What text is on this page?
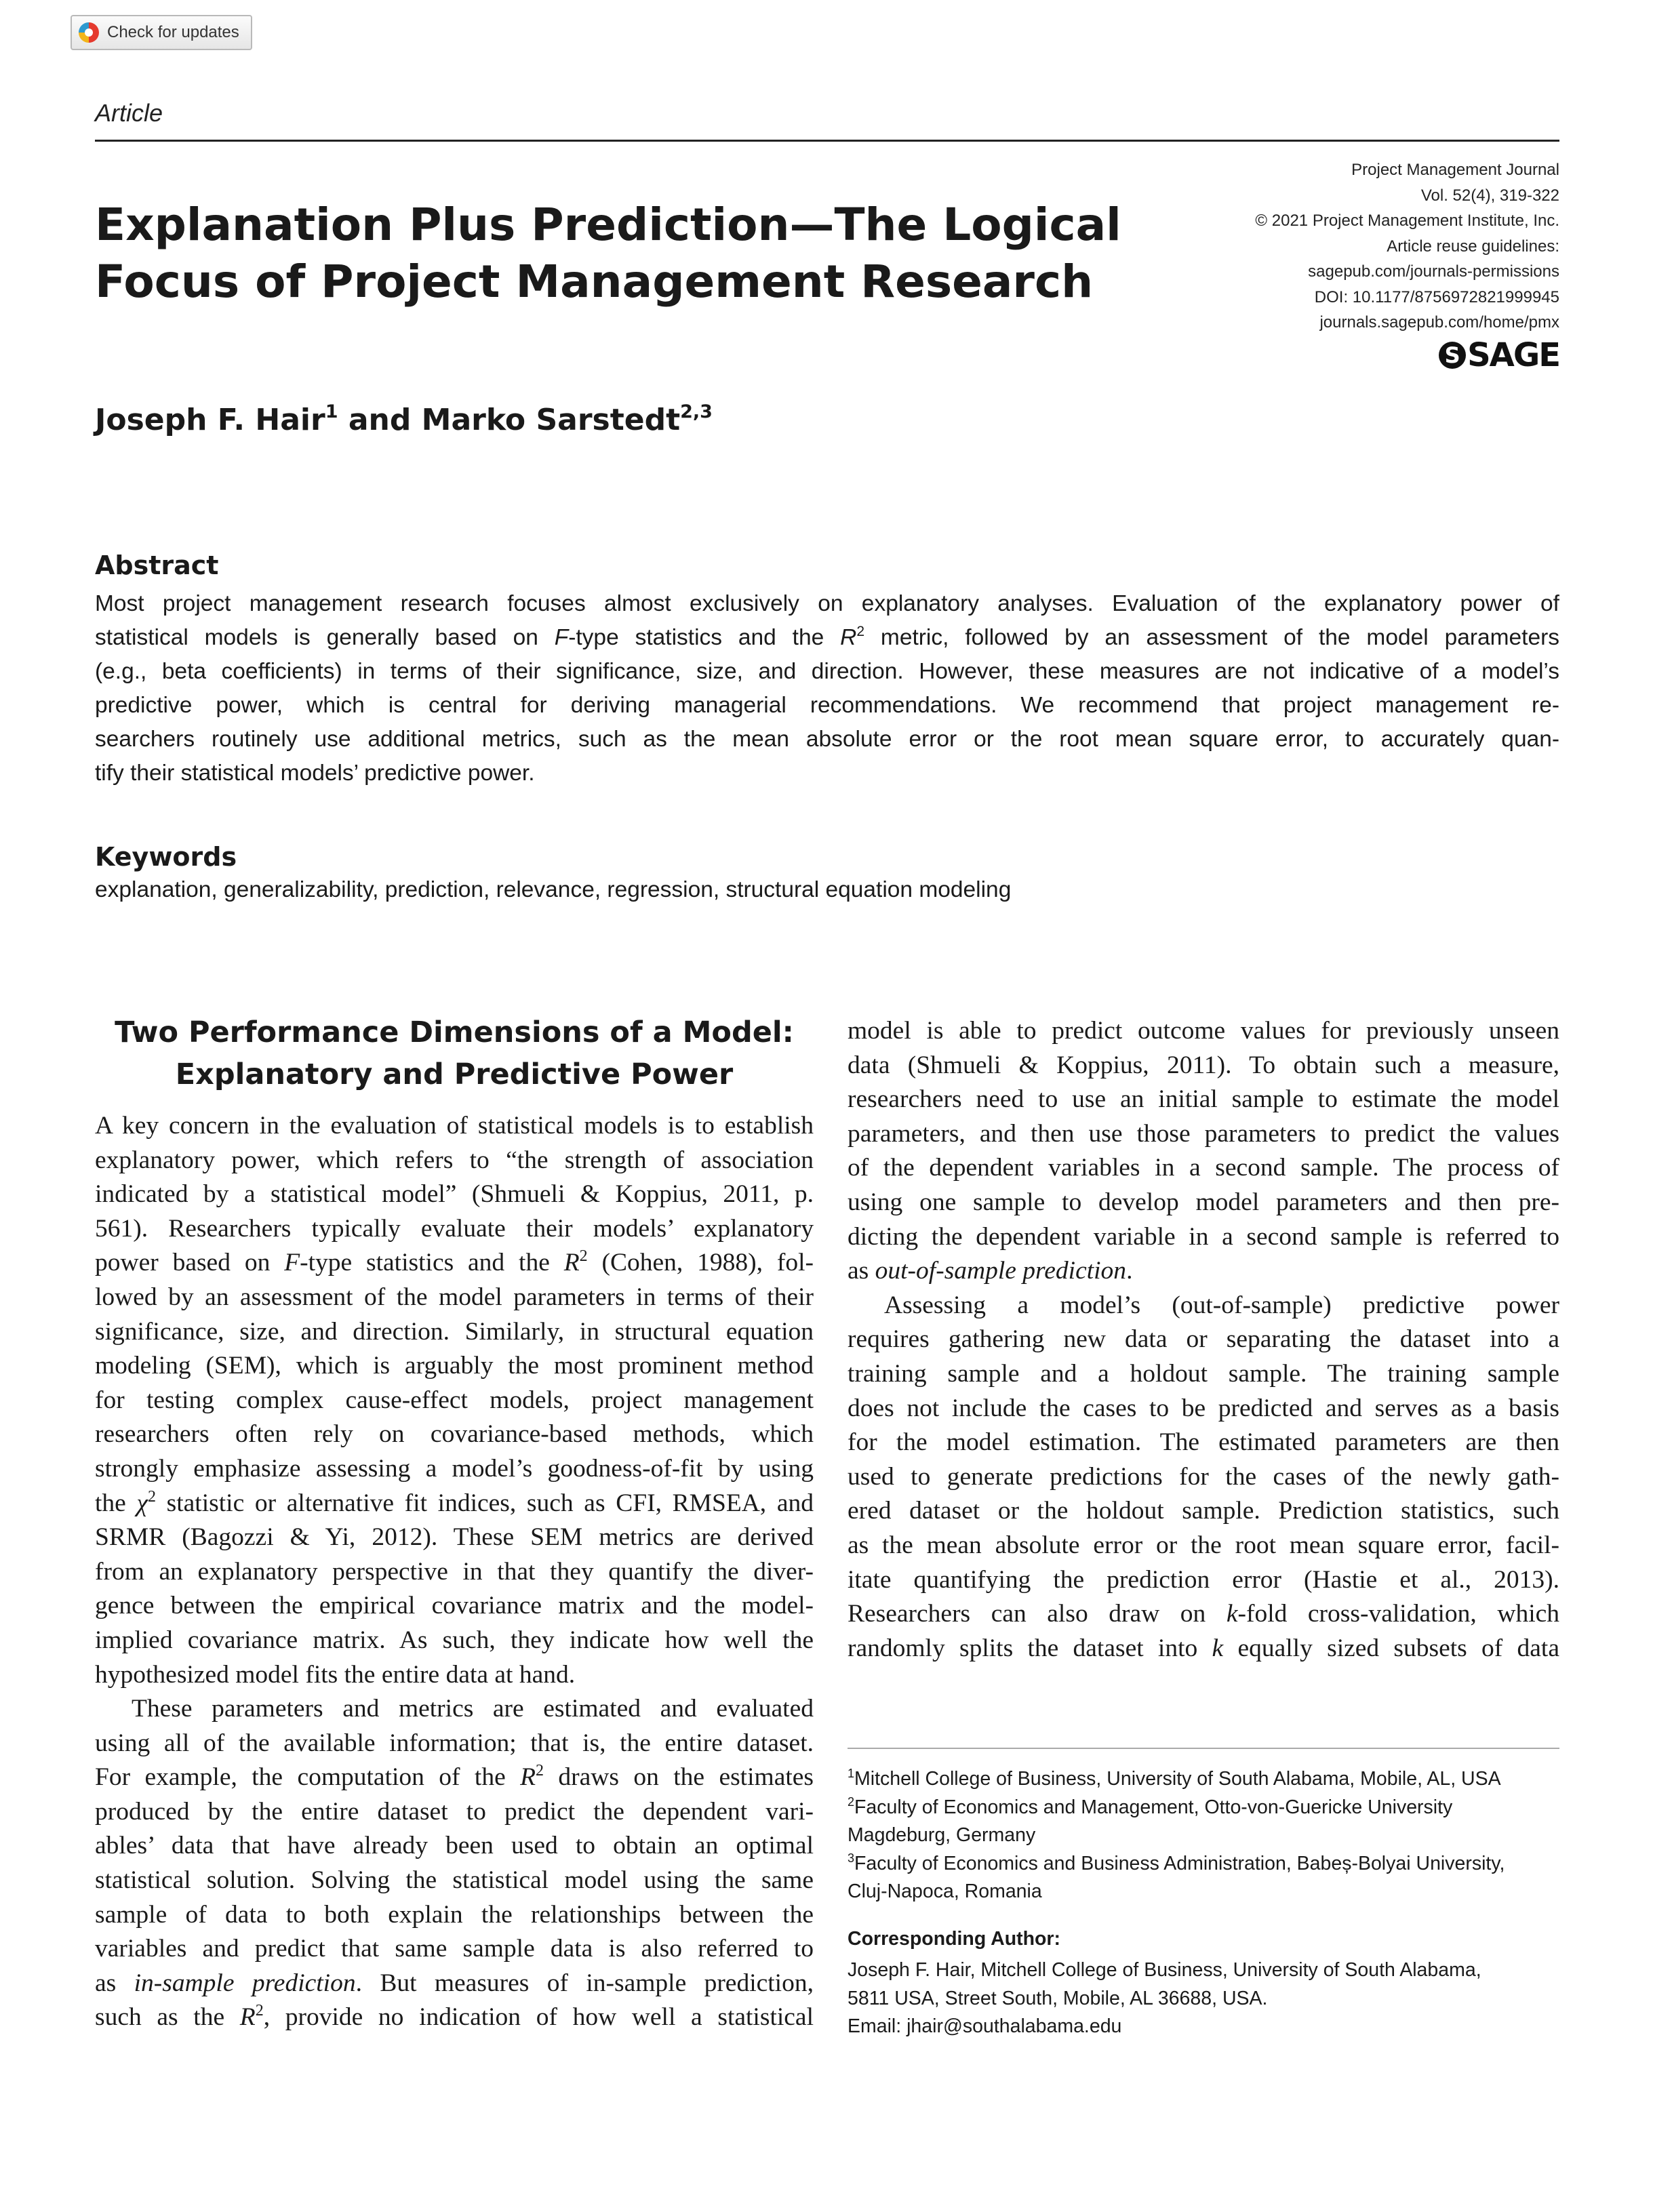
Check for updates
Article
Explanation Plus Prediction—The Logical
Focus of Project Management Research
Project Management Journal
Vol. 52(4), 319-322
© 2021 Project Management Institute, Inc.
Article reuse guidelines:
sagepub.com/journals-permissions
DOI: 10.1177/8756972821999945
journals.sagepub.com/home/pmx
S SAGE
Joseph F. Hair$^1$ and Marko Sarstedt$^{2,3}$
Abstract
Most project management research focuses almost exclusively on explanatory analyses. Evaluation of the explanatory power of
statistical models is generally based on F-type statistics and the $R^2$ metric, followed by an assessment of the model parameters
(e.g., beta coefficients) in terms of their significance, size, and direction. However, these measures are not indicative of a model’s
predictive power, which is central for deriving managerial recommendations. We recommend that project management re-
searchers routinely use additional metrics, such as the mean absolute error or the root mean square error, to accurately quan-
tify their statistical models’ predictive power.
Keywords
explanation, generalizability, prediction, relevance, regression, structural equation modeling
Two Performance Dimensions of a Model:
Explanatory and Predictive Power
A key concern in the evaluation of statistical models is to establish
explanatory power, which refers to “the strength of association
indicated by a statistical model” (Shmueli & Koppius, 2011, p.
561). Researchers typically evaluate their models’ explanatory
power based on F-type statistics and the $R^2$ (Cohen, 1988), fol-
lowed by an assessment of the model parameters in terms of their
significance, size, and direction. Similarly, in structural equation
modeling (SEM), which is arguably the most prominent method
for testing complex cause-effect models, project management
researchers often rely on covariance-based methods, which
strongly emphasize assessing a model’s goodness-of-fit by using
the $\chi^2$ statistic or alternative fit indices, such as CFI, RMSEA, and
SRMR (Bagozzi & Yi, 2012). These SEM metrics are derived
from an explanatory perspective in that they quantify the diver-
gence between the empirical covariance matrix and the model-
implied covariance matrix. As such, they indicate how well the
hypothesized model fits the entire data at hand.
These parameters and metrics are estimated and evaluated
using all of the available information; that is, the entire dataset.
For example, the computation of the $R^2$ draws on the estimates
produced by the entire dataset to predict the dependent vari-
ables’ data that have already been used to obtain an optimal
statistical solution. Solving the statistical model using the same
sample of data to both explain the relationships between the
variables and predict that same sample data is also referred to
as in-sample prediction. But measures of in-sample prediction,
such as the $R^2$, provide no indication of how well a statistical
model is able to predict outcome values for previously unseen
data (Shmueli & Koppius, 2011). To obtain such a measure,
researchers need to use an initial sample to estimate the model
parameters, and then use those parameters to predict the values
of the dependent variables in a second sample. The process of
using one sample to develop model parameters and then pre-
dicting the dependent variable in a second sample is referred to
as out-of-sample prediction.
Assessing a model’s (out-of-sample) predictive power
requires gathering new data or separating the dataset into a
training sample and a holdout sample. The training sample
does not include the cases to be predicted and serves as a basis
for the model estimation. The estimated parameters are then
used to generate predictions for the cases of the newly gath-
ered dataset or the holdout sample. Prediction statistics, such
as the mean absolute error or the root mean square error, facil-
itate quantifying the prediction error (Hastie et al., 2013).
Researchers can also draw on k-fold cross-validation, which
randomly splits the dataset into k equally sized subsets of data
$^1$Mitchell College of Business, University of South Alabama, Mobile, AL, USA
$^2$Faculty of Economics and Management, Otto-von-Guericke University
Magdeburg, Germany
$^3$Faculty of Economics and Business Administration, Babeș-Bolyai University,
Cluj-Napoca, Romania
Corresponding Author:
Joseph F. Hair, Mitchell College of Business, University of South Alabama,
5811 USA, Street South, Mobile, AL 36688, USA.
Email: jhair@southalabama.edu
